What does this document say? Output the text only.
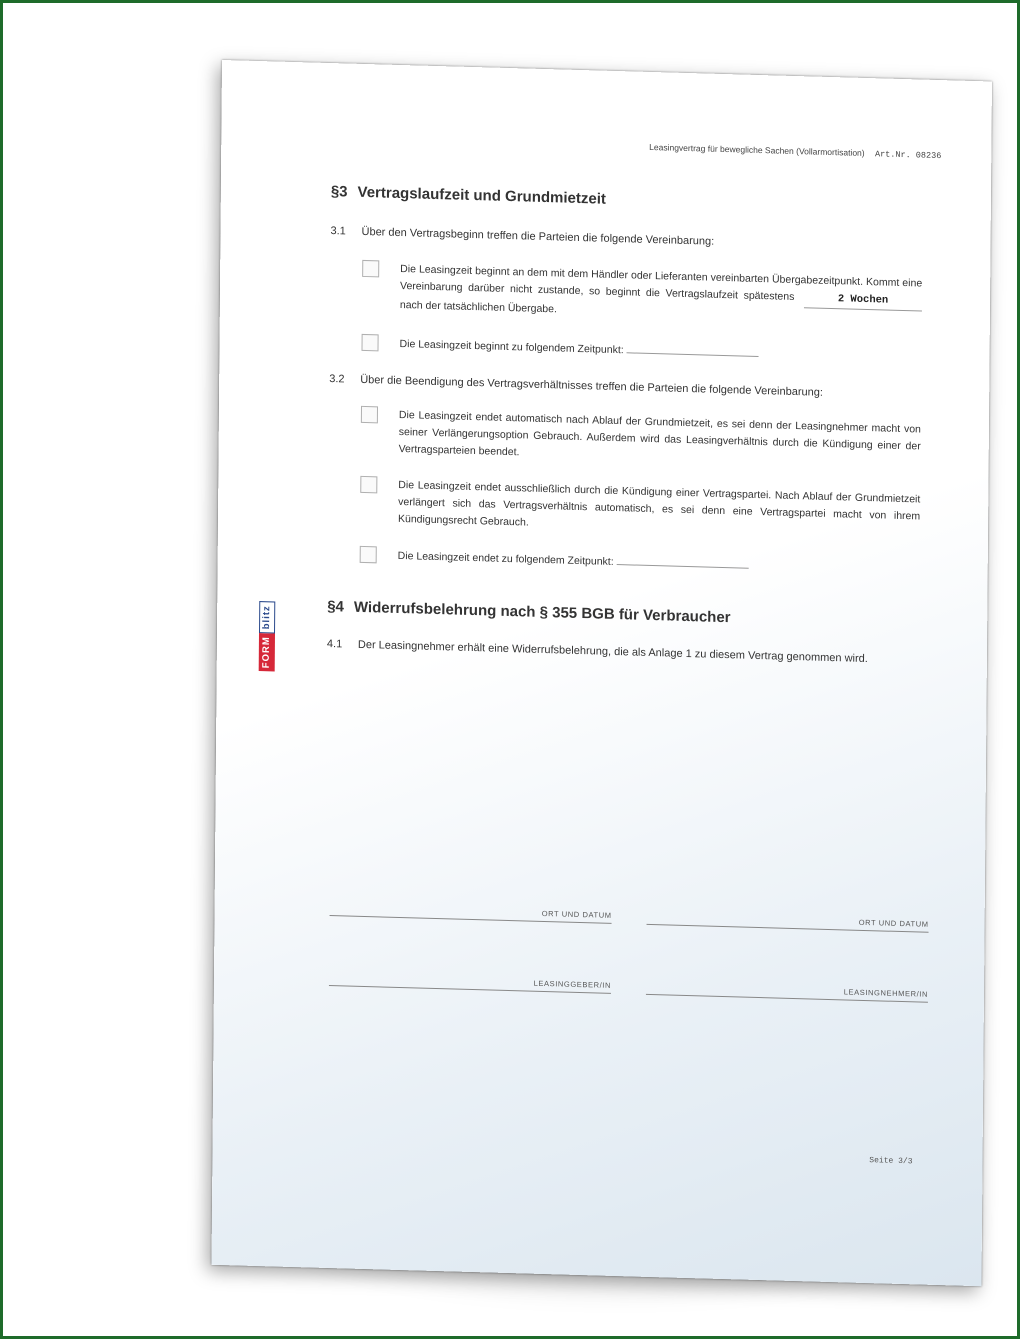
Leasingvertrag für bewegliche Sachen (Vollarmortisation) Art.Nr. 08236
§3 Vertragslaufzeit und Grundmietzeit
3.1 Über den Vertragsbeginn treffen die Parteien die folgende Vereinbarung:
Die Leasingzeit beginnt an dem mit dem Händler oder Lieferanten vereinbarten Übergabezeitpunkt. Kommt eine Vereinbarung darüber nicht zustande, so beginnt die Vertragslaufzeit spätestens	2 Wochen nach der tatsächlichen Übergabe.
Die Leasingzeit beginnt zu folgendem Zeitpunkt:
3.2 Über die Beendigung des Vertragsverhältnisses treffen die Parteien die folgende Vereinbarung:
Die Leasingzeit endet automatisch nach Ablauf der Grundmietzeit, es sei denn der Leasingnehmer macht von seiner Verlängerungsoption Gebrauch. Außerdem wird das Leasingverhältnis durch die Kündigung einer der Vertragsparteien beendet.
Die Leasingzeit endet ausschließlich durch die Kündigung einer Vertragspartei. Nach Ablauf der Grundmietzeit verlängert sich das Vertragsverhältnis automatisch, es sei denn eine Vertragspartei macht von ihrem Kündigungsrecht Gebrauch.
Die Leasingzeit endet zu folgendem Zeitpunkt:
§4 Widerrufsbelehrung nach § 355 BGB für Verbraucher
4.1 Der Leasingnehmer erhält eine Widerrufsbelehrung, die als Anlage 1 zu diesem Vertrag genommen wird.
ORT UND DATUM
ORT UND DATUM
LEASINGGEBER/IN
LEASINGNEHMER/IN
Seite 3/3
FORM
blitz
